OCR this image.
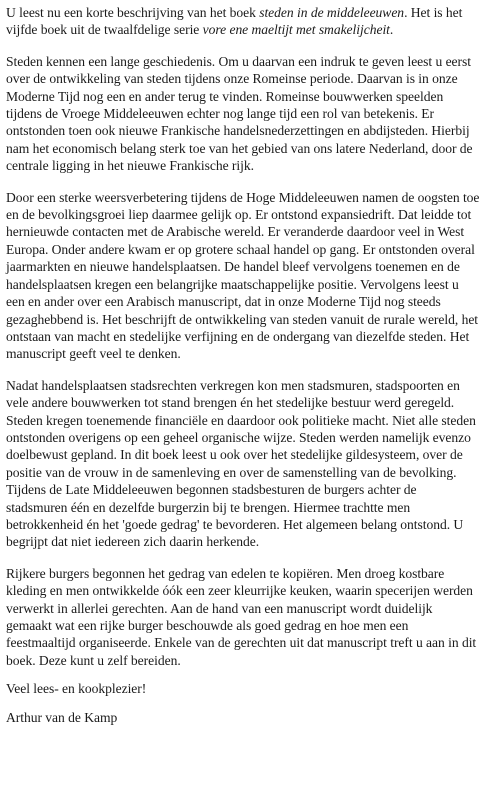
U leest nu een korte beschrijving van het boek steden in de middeleeuwen. Het is het vijfde boek uit de twaalfdelige serie vore ene maeltijt met smakelijcheit.

Steden kennen een lange geschiedenis. Om u daarvan een indruk te geven leest u eerst over de ontwikkeling van steden tijdens onze Romeinse periode. Daarvan is in onze Moderne Tijd nog een en ander terug te vinden. Romeinse bouwwerken speelden tijdens de Vroege Middeleeuwen echter nog lange tijd een rol van betekenis. Er ontstonden toen ook nieuwe Frankische handelsnederzettingen en abdijsteden. Hierbij nam het economisch belang sterk toe van het gebied van ons latere Nederland, door de centrale ligging in het nieuwe Frankische rijk.

Door een sterke weersverbetering tijdens de Hoge Middeleeuwen namen de oogsten toe en de bevolkingsgroei liep daarmee gelijk op. Er ontstond expansiedrift. Dat leidde tot hernieuwde contacten met de Arabische wereld. Er veranderde daardoor veel in West Europa. Onder andere kwam er op grotere schaal handel op gang. Er ontstonden overal jaarmarkten en nieuwe handelsplaatsen. De handel bleef vervolgens toenemen en de handelsplaatsen kregen een belangrijke maatschappelijke positie. Vervolgens leest u een en ander over een Arabisch manuscript, dat in onze Moderne Tijd nog steeds gezaghebbend is. Het beschrijft de ontwikkeling van steden vanuit de rurale wereld, het ontstaan van macht en stedelijke verfijning en de ondergang van diezelfde steden. Het manuscript geeft veel te denken.

Nadat handelsplaatsen stadsrechten verkregen kon men stadsmuren, stadspoorten en vele andere bouwwerken tot stand brengen én het stedelijke bestuur werd geregeld. Steden kregen toenemende financiële en daardoor ook politieke macht. Niet alle steden ontstonden overigens op een geheel organische wijze. Steden werden namelijk evenzo doelbewust gepland. In dit boek leest u ook over het stedelijke gildesysteem, over de positie van de vrouw in de samenleving en over de samenstelling van de bevolking. Tijdens de Late Middeleeuwen begonnen stadsbesturen de burgers achter de stadsmuren één en dezelfde burgerzin bij te brengen. Hiermee trachtte men betrokkenheid én het 'goede gedrag' te bevorderen. Het algemeen belang ontstond. U begrijpt dat niet iedereen zich daarin herkende.

Rijkere burgers begonnen het gedrag van edelen te kopiëren. Men droeg kostbare kleding en men ontwikkelde óók een zeer kleurrijke keuken, waarin specerijen werden verwerkt in allerlei gerechten. Aan de hand van een manuscript wordt duidelijk gemaakt wat een rijke burger beschouwde als goed gedrag en hoe men een feestmaaltijd organiseerde. Enkele van de gerechten uit dat manuscript treft u aan in dit boek. Deze kunt u zelf bereiden.

Veel lees- en kookplezier!

Arthur van de Kamp
